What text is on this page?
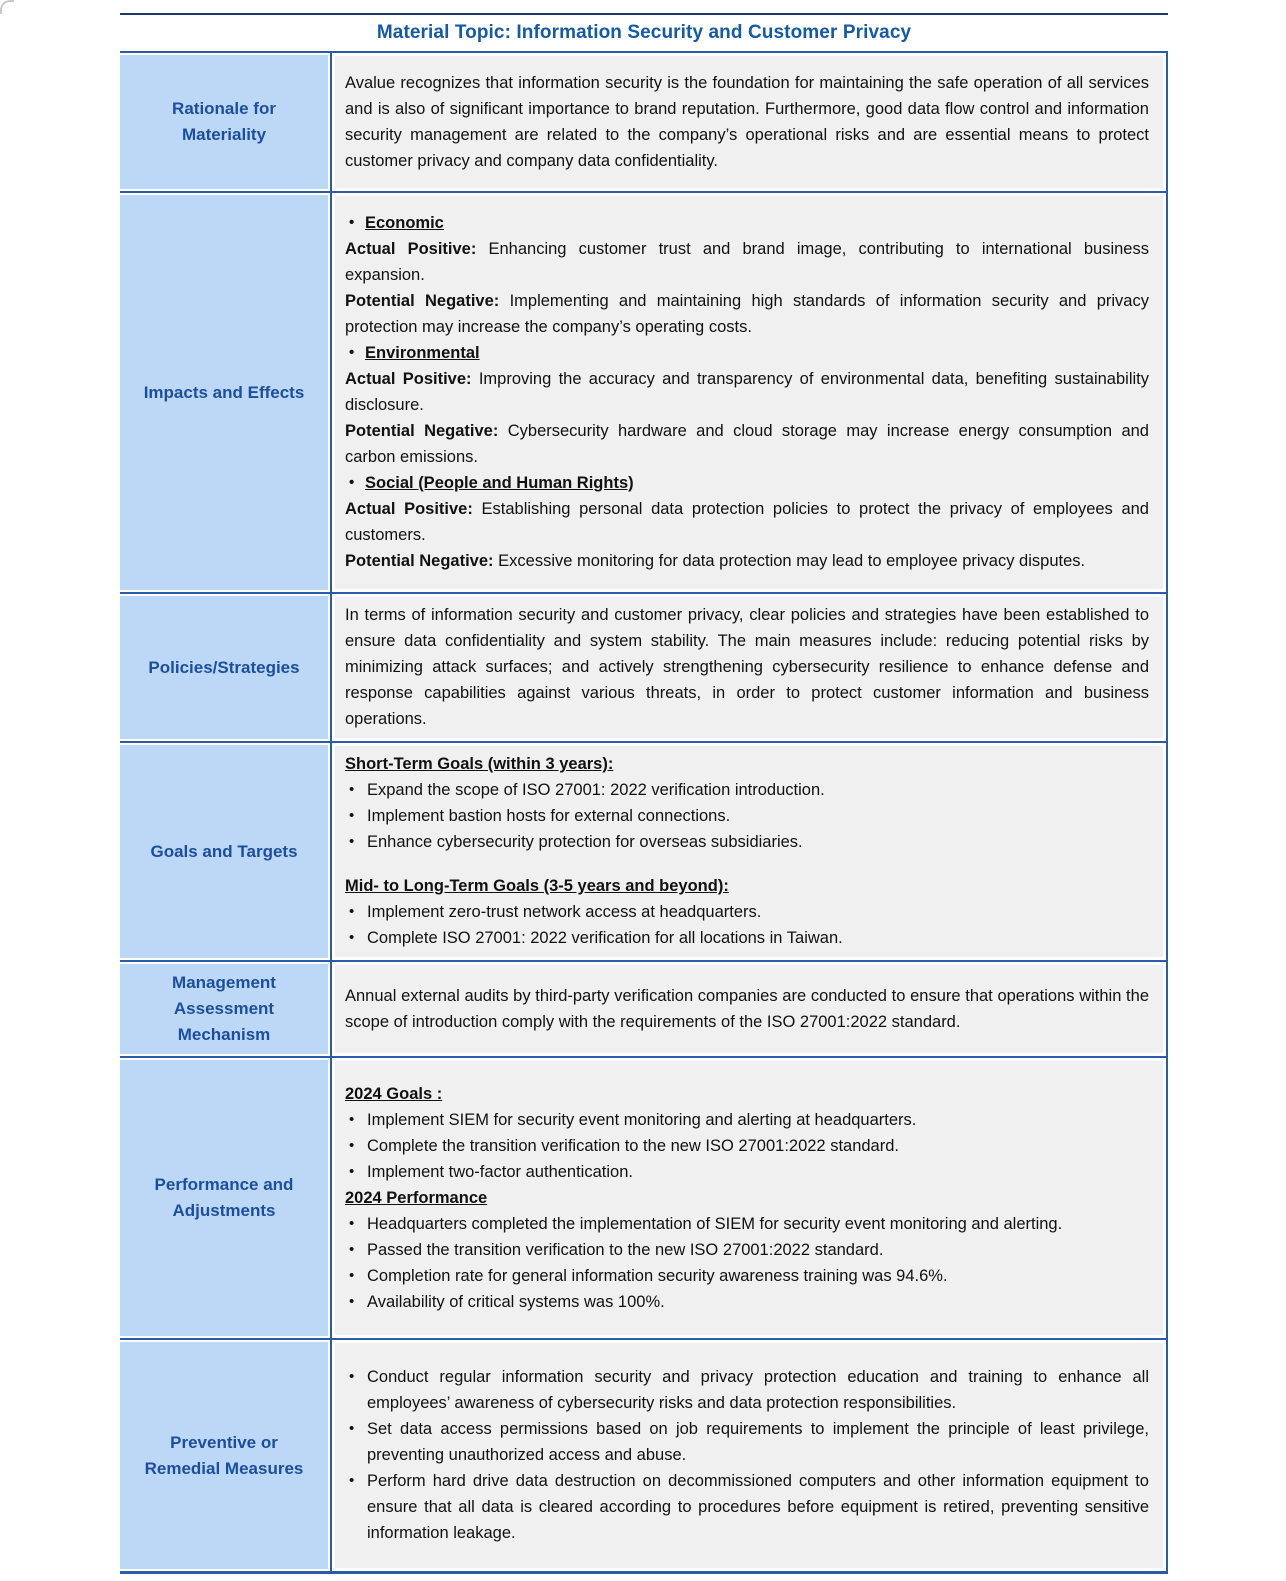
Material Topic: Information Security and Customer Privacy
Rationale for Materiality

Avalue recognizes that information security is the foundation for maintaining the safe operation of all services and is also of significant importance to brand reputation. Furthermore, good data flow control and information security management are related to the company’s operational risks and are essential means to protect customer privacy and company data confidentiality.

Impacts and Effects
• Economic

Actual Positive: Enhancing customer trust and brand image, contributing to international business expansion.

Potential Negative: Implementing and maintaining high standards of information security and privacy protection may increase the company’s operating costs.

• Environmental

Actual Positive: Improving the accuracy and transparency of environmental data, benefiting sustainability disclosure.

Potential Negative: Cybersecurity hardware and cloud storage may increase energy consumption and carbon emissions.

• Social (People and Human Rights)

Actual Positive: Establishing personal data protection policies to protect the privacy of employees and customers.

Potential Negative: Excessive monitoring for data protection may lead to employee privacy disputes.

Policies/Strategies

In terms of information security and customer privacy, clear policies and strategies have been established to ensure data confidentiality and system stability. The main measures include: reducing potential risks by minimizing attack surfaces; and actively strengthening cybersecurity resilience to enhance defense and response capabilities against various threats, in order to protect customer information and business operations.

Goals and Targets
Short-Term Goals (within 3 years):
• Expand the scope of ISO 27001: 2022 verification introduction.
• Implement bastion hosts for external connections.
• Enhance cybersecurity protection for overseas subsidiaries.
Mid- to Long-Term Goals (3-5 years and beyond):
• Implement zero-trust network access at headquarters.
• Complete ISO 27001: 2022 verification for all locations in Taiwan.
Management Assessment Mechanism

Annual external audits by third-party verification companies are conducted to ensure that operations within the scope of introduction comply with the requirements of the ISO 27001:2022 standard.

Performance and Adjustments
2024 Goals :
• Implement SIEM for security event monitoring and alerting at headquarters.
• Complete the transition verification to the new ISO 27001:2022 standard.
• Implement two-factor authentication.
2024 Performance
• Headquarters completed the implementation of SIEM for security event monitoring and alerting.
• Passed the transition verification to the new ISO 27001:2022 standard.
• Completion rate for general information security awareness training was 94.6%.
• Availability of critical systems was 100%.
Preventive or Remedial Measures
• Conduct regular information security and privacy protection education and training to enhance all employees’ awareness of cybersecurity risks and data protection responsibilities.
• Set data access permissions based on job requirements to implement the principle of least privilege, preventing unauthorized access and abuse.
• Perform hard drive data destruction on decommissioned computers and other information equipment to ensure that all data is cleared according to procedures before equipment is retired, preventing sensitive information leakage.
